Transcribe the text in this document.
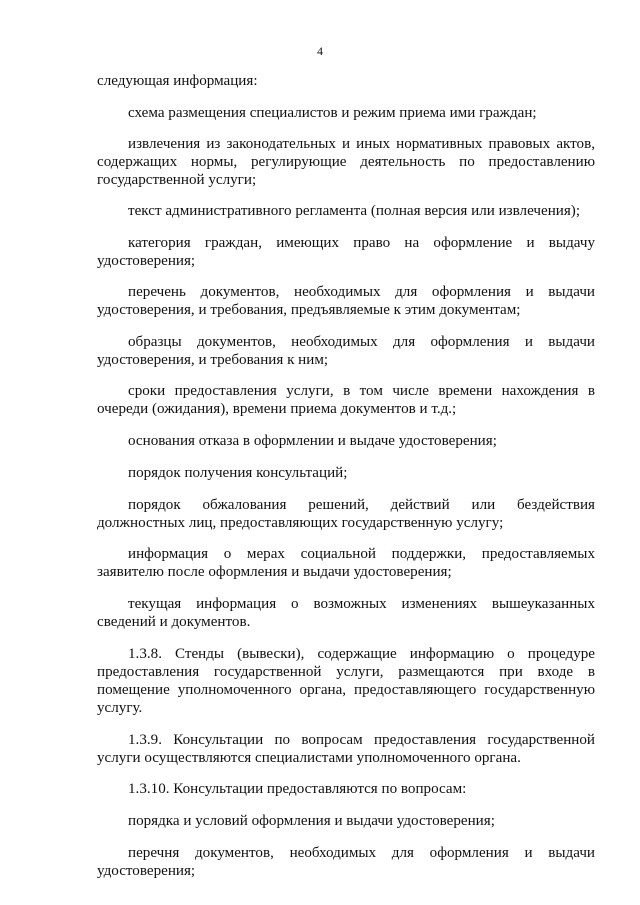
4

следующая информация:

схема размещения специалистов и режим приема ими граждан;

извлечения из законодательных и иных нормативных правовых актов, содержащих нормы, регулирующие деятельность по предоставлению государственной услуги;

текст административного регламента (полная версия или извлечения);

категория граждан, имеющих право на оформление и выдачу удостоверения;

перечень документов, необходимых для оформления и выдачи удостоверения, и требования, предъявляемые к этим документам;

образцы документов, необходимых для оформления и выдачи удостоверения, и требования к ним;

сроки предоставления услуги, в том числе времени нахождения в очереди (ожидания), времени приема документов и т.д.;

основания отказа в оформлении и выдаче удостоверения;

порядок получения консультаций;

порядок обжалования решений, действий или бездействия должностных лиц, предоставляющих государственную услугу;

информация о мерах социальной поддержки, предоставляемых заявителю после оформления и выдачи удостоверения;

текущая информация о возможных изменениях вышеуказанных сведений и документов.

1.3.8. Стенды (вывески), содержащие информацию о процедуре предоставления государственной услуги, размещаются при входе в помещение уполномоченного органа, предоставляющего государственную услугу.

1.3.9. Консультации по вопросам предоставления государственной услуги осуществляются специалистами уполномоченного органа.

1.3.10. Консультации предоставляются по вопросам:

порядка и условий оформления и выдачи удостоверения;

перечня документов, необходимых для оформления и выдачи удостоверения;
